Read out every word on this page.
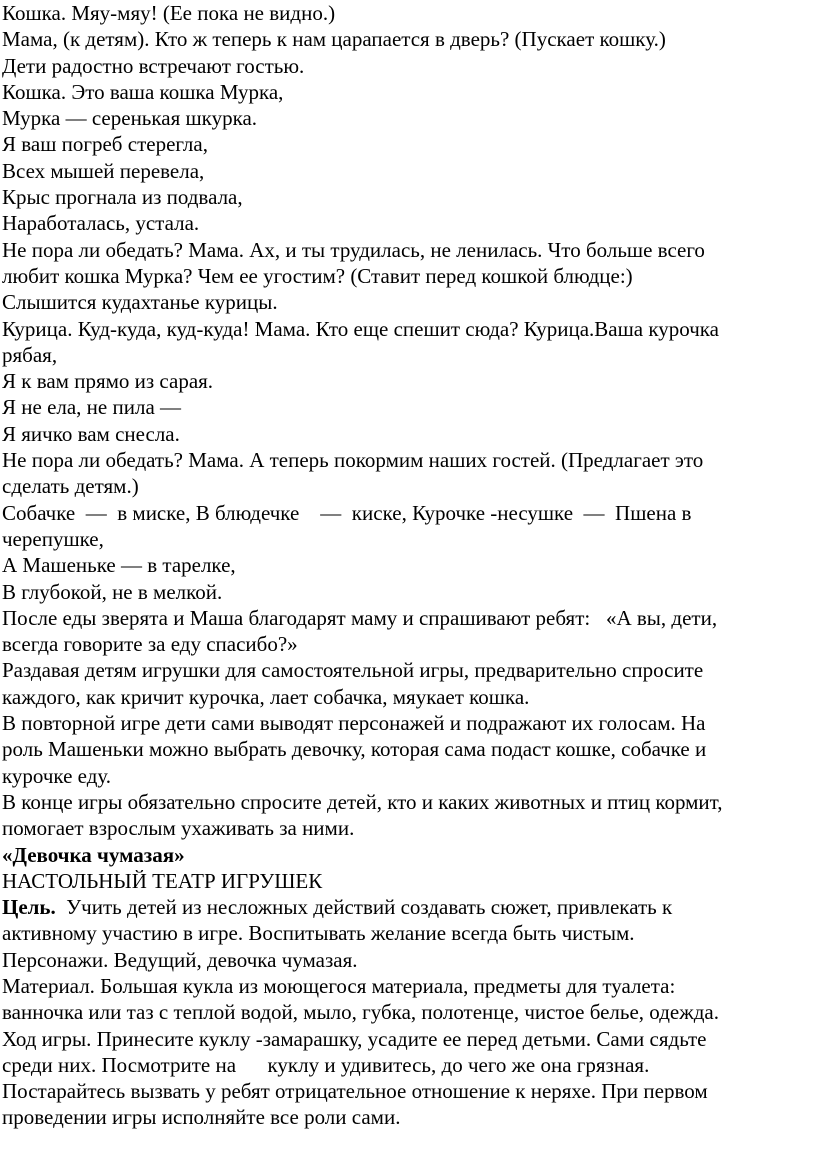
Кошка. Мяу-мяу! (Ее пока не видно.)
Мама, (к детям). Кто ж теперь к нам царапается в дверь? (Пускает кошку.)
Дети радостно встречают гостью.
Кошка. Это ваша кошка Мурка,
Мурка — серенькая шкурка.
Я ваш погреб стерегла,
Всех мышей перевела,
Крыс прогнала из подвала,
Наработалась, устала.
Не пора ли обедать? Мама. Ах, и ты трудилась, не ленилась. Что больше всего
любит кошка Мурка? Чем ее угостим? (Ставит перед кошкой блюдце:)
Слышится кудахтанье курицы.
Курица. Куд-куда, куд-куда! Мама. Кто еще спешит сюда? Курица.Ваша курочка
рябая,
Я к вам прямо из сарая.
Я не ела, не пила —
Я яичко вам снесла.
Не пора ли обедать? Мама. А теперь покормим наших гостей. (Предлагает это
сделать детям.)
Собачке  —  в миске, В блюдечке    —  киске, Курочке -несушке  —  Пшена в
черепушке,
А Машеньке — в тарелке,
В глубокой, не в мелкой.
После еды зверята и Маша благодарят маму и спрашивают ребят:   «А вы, дети,
всегда говорите за еду спасибо?»
Раздавая детям игрушки для самостоятельной игры, предварительно спросите
каждого, как кричит курочка, лает собачка, мяукает кошка.
В повторной игре дети сами выводят персонажей и подражают их голосам. На
роль Машеньки можно выбрать девочку, которая сама подаст кошке, собачке и
курочке еду.
В конце игры обязательно спросите детей, кто и каких животных и птиц кормит,
помогает взрослым ухаживать за ними.
«Девочка чумазая»
НАСТОЛЬНЫЙ ТЕАТР ИГРУШЕК
Цель.  Учить детей из несложных действий создавать сюжет, привлекать к
активному участию в игре. Воспитывать желание всегда быть чистым.
Персонажи. Ведущий, девочка чумазая.
Материал. Большая кукла из моющегося материала, предметы для туалета:
ванночка или таз с теплой водой, мыло, губка, полотенце, чистое белье, одежда.
Ход игры. Принесите куклу -замарашку, усадите ее перед детьми. Сами сядьте
среди них. Посмотрите на      куклу и удивитесь, до чего же она грязная.
Постарайтесь вызвать у ребят отрицательное отношение к неряхе. При первом
проведении игры исполняйте все роли сами.
